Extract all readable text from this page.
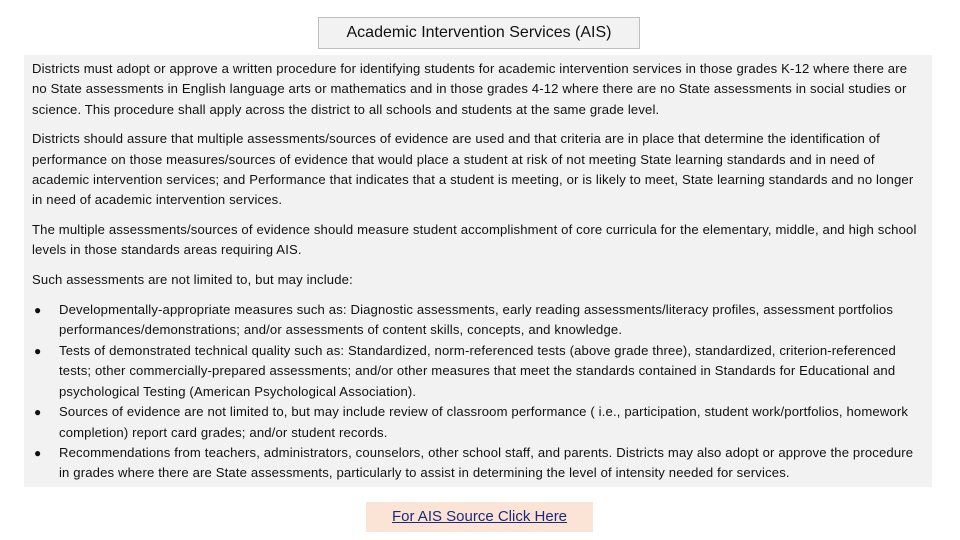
Academic Intervention Services (AIS)

Districts must adopt or approve a written procedure for identifying students for academic intervention services in those grades K-12 where there are no State assessments in English language arts or mathematics and in those grades 4-12 where there are no State assessments in social studies or science. This procedure shall apply across the district to all schools and students at the same grade level.

Districts should assure that multiple assessments/sources of evidence are used and that criteria are in place that determine the identification of performance on those measures/sources of evidence that would place a student at risk of not meeting State learning standards and in need of academic intervention services; and Performance that indicates that a student is meeting, or is likely to meet, State learning standards and no longer in need of academic intervention services.

The multiple assessments/sources of evidence should measure student accomplishment of core curricula for the elementary, middle, and high school levels in those standards areas requiring AIS.

Such assessments are not limited to, but may include:

● Developmentally-appropriate measures such as: Diagnostic assessments, early reading assessments/literacy profiles, assessment portfolios performances/demonstrations; and/or assessments of content skills, concepts, and knowledge.
● Tests of demonstrated technical quality such as: Standardized, norm-referenced tests (above grade three), standardized, criterion-referenced tests; other commercially-prepared assessments; and/or other measures that meet the standards contained in Standards for Educational and psychological Testing (American Psychological Association).
● Sources of evidence are not limited to, but may include review of classroom performance ( i.e., participation, student work/portfolios, homework completion) report card grades; and/or student records.
● Recommendations from teachers, administrators, counselors, other school staff, and parents. Districts may also adopt or approve the procedure in grades where there are State assessments, particularly to assist in determining the level of intensity needed for services.
For AIS Source Click Here
